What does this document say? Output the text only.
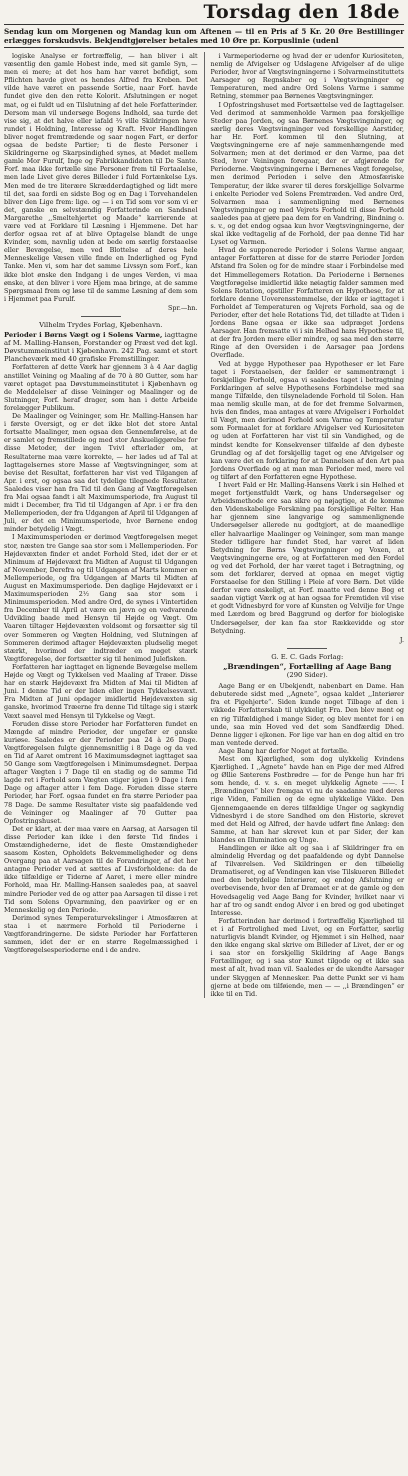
Torsdag den 18de
Sendag kun om Morgenen og Mandag kun om Aftenen — til en Pris af 5 Kr. 20 Øre Bestillinger erlægges forskudsvis. Bekjendtgjørelser betales med 10 Øre pr. Korpuslinie (udenl

logiske Analyse er fortræffelig, — han bliver i alt væsentlig den gamle Hobest inde, med sit gamle Syn, — men ei mere; at det hos ham har været befidigt, som Pflichten havde givet os hendes Alfred fra Kreben. Det vilde have været en passende Sortie, naar Forf. havde fundet give den den rette Kolorit. Afslutningen er noget mat, og ei fuldt ud en Tilslutning af det hele Forfatterinder. Dersom man vil undersøge Bogens Indhold, saa turde det vise sig, at det halve eller iafald ⅔ ville Skildringen have rundet i Holdning, Interesse og Kraft. Hvor Handlingen bliver noget fremtrædende og saar nogen Fart, er derfor ogsaa de bedste Partier; ti de fleste Personer i Skildringerne og Skarpsindighed synes, at Mødet mellem gamle Mor Furulf, Inge og Fabrikkandidaten til De Sante. Forf. maa ikke fortælle sine Personer frem til Fortaalelse, men lade Livet give deres Billeder i fuld Fortænkelse Lys. Men med de tre literære Skrædderdagtighed og lidt mere til det, saa fordi en sidste Bog og en Dag i Torvehandelen bliver den Lige frem: lige. og — i en Tid som vor som vi er det, ganske en selvstændig Forfatterinde en Sandsnel Margarethe ,,Smeltehjertet og Maade“ karrierende at være ved at Forklare til Læsning i Hjemmene. Det har derfor ogsaa ret af at blive Optagelse blandt de unge Kvinder, som, navnlig uden at bede om særlig forstaaelse eller Bevægelse, men ved Blottelse af deres hele Menneskelige Væsen ville finde en Inderlighed og Fynd Tanke. Men vi, som har det samme Livssyn som Forf., kan ikke blot ønske den Indgang i de unges Verden, vi maa ønske, at den bliver i vore Hjem maa bringe, at de samme Spørgsmaal frem og løse til de samme Løsning af dem som i Hjemmet paa Furulf.

Spr.—hn.
Vilhelm Trydes Forlag, Kjøbenhavn.

Perioder i Børns Vægt og i Solens Varme, iagttagne af M. Malling-Hansen, Forstander og Præst ved det kgl. Døvstummeinstitut i Kjøbenhavn. 242 Pag. samt et stort Plancheværk med 40 grafiske Fremstillinger.

Forfatteren af dette Værk har gjennem 3 à 4 Aar daglig anstillet Veining og Maaling af de 70 à 80 Gutter, som har været optaget paa Døvstummeinstitutet i Kjøbenhavn og de Meddelelser af disse Veininger og Maalinger og de Slutninger, Forf. heraf drager, som han i dette Arbeide forelægger Publikum.

De Maalinger og Veininger, som Hr. Malling-Hansen har i første Oversigt, og er det ikke blot det store Antal fortsatte Maalinger, men ogsaa den Gennemførelse, at de er samlet og fremstillede og med stor Anskueliggørelse for disse Metoder, der ingen Tvivl efterlader om, at Resultaterne maa være korrekte, — her lades ud af Tal at Iagttagelsernes store Masse af Vægtsvingninger, som at bevise det Resultat, forfatteren har vist ved Tilgangen af Apr. i erst, og ogsaa saa det tydelige tilegnede Resultater. Saaledes viser han fra Tid til den Gang af Vægtforøgelsen fra Mai ogsaa fandt i alt Maximumsperiode, fra August til midt i December, fra Tid til Udgangen af Apr. i er fra den Mellemperioden, der fra Udgangen af April til Udgangen af Juli, er det en Minimumsperiode, hvor Børnene endog minder betydelig i Vægt.

I Maximumsperioden er derimod Vægtforøgelsen meget stor, næsten tre Gange saa stor som i Mellemperioden. For Højdevæxten finder et andet Forhold Sted, idet der er et Minimum af Højdevæxt fra Midten af August til Udgangen af November, Derefra og til Udgangen af Marts kommer en Mellemperiode, og fra Udgangen af Marts til Midten af August en Maximumsperiode. Den daglige Højdevæxt er i Maximumsperioden 2½ Gang saa stor som i Minimumsperioden. Med andre Ord, de synes i Vintertiden fra December til April at være en jævn og en vedvarende Udvikling baade med Hensyn til Højde og Vægt. Om Vaaren tiltager Højdevæxten voldsomt og forsætter sig til over Sommeren og Vægten Holdning, ved Slutningen af Sommeren derimod aftager Højdevæxten pludselig meget stærkt, hvorimod der indtræder en meget stærk Vægtforøgelse, der fortsætter sig til henimod Julefisken.

Forfatteren har iagttaget en lignende Bevægelse mellem Højde og Vægt og Tykkelsen ved Maaling af Træer. Disse har en stærk Højdevæxt fra Midten af Mai til Midten af Juni. I denne Tid er der liden eller ingen Tykkelsesvæxt. Fra Midten af Juni opdager imidlertid Højdevæxten sig ganske, hvorimod Træerne fra denne Tid tiltage sig i stærk Væxt saavel med Hensyn til Tykkelse og Vægt.

Foruden disse store Perioder har Forfatteren fundet en Mængde af mindre Perioder, der ungefær er ganske kuriøse. Saaledes er der Perioder paa 24 à 26 Dage. Vægtforøgelsen fulgte gjennemsnitlig i 8 Dage og da ved en Tid af Aaret omtrent 16 Maximumsdøgnet iagttaget saa 50 Gange som Vægtforøgelsen i Minimumsdøgnet. Derpaa aftager Vægten i 7 Dage til en stadig og de samme Tid lagde ret i Forhold som Vægten stiger igjen i 9 Dage i fem Dage og aftager atter i fem Dage. Foruden disse større Perioder, har Forf. ogsaa fundet en fra større Perioder paa 78 Dage. De samme Resultater viste sig paafaldende ved de Veininger og Maalinger af 70 Gutter paa Opfostringshuset.

Det er klart, at der maa være en Aarsag, at Aarsagen til disse Perioder kan ikke i den første Tid findes i Omstændighederne, idet de fleste Omstændigheder saasom Kosten, Opholdets Bekvemmeligheder og dens Overgang paa at Aarsagen til de Forandringer, af det her antagne Perioder ved at sættes af Livsforholdene: da de ikke tilfældige er Tiderne af Aaret, i mere eller mindre Forhold, maa Hr. Malling-Hansen saaledes paa, at saavel mindre Perioder ved de og atter paa Aarsagen til disse i ret Tid som Solens Opvarmning, den paavirker og er en Menneskelig og den Periode.

Derimod synes Temperaturvekslinger i Atmosfæren at staa i et nærmere Forhold til Perioderne i Vægtforandringerne. De sidste Perioder har Forfatteren sammen, idet der er en større Regelmæssighed i Vægtforøgelsesperioderne end i de andre.

i Varmeperioderne og hvad der er udenfor Kuriositeten, nemlig de Afvigelser og Udslagene Afvigelser af de ulige Perioder, hvor af Vægtsvingningerne i Solvarmeinstituttets Aarsager og Regnskaber og i Vægtsvingninger og Temperaturen, med andre Ord Solens Varme i samme Retning, stemmer paa Børnenes Vægtsvingninger.

I Opfostringshuset med Fortsættelse ved de Iagttagelser. Ved derimod at sammenholde Varmen paa forskjellige Steder paa Jorden, og saa Børnenes Vægtsvingninger, og særlig deres Vægtsvingninger ved forskellige Aarstider, har Hr. Forf. kommen til den Slutning, at Vægtsvingningerne ere af nøje sammenhængende med Solvarmen; men at det derimod er den Varme, paa det Sted, hvor Veiningen foregaar, der er afgjørende for Perioderne. Vægtsvingningerne i Børnenes Vægt forøgelse, men derimod Perioden i selve den Atmosfæriske Temperatur, der ikke svarer til deres forskjellige Solvarme i enkelte Perioder ved Solens Fremtræden. Ved andre Ord, Solvarmen maa i sammenligning med Børnenes Vægtsvingninger og med Vejrets Forhold til disse Forhold saaledes paa at gjøre paa dem for en Vandring, Bindning o. s. v., og det endog ogsaa kun hvor Vægtsvingningerne, der skal ikke vedtagelig af de Forhold, der paa denne Tid har Lyset og Varmen.

Hvad de supponerede Perioder i Solens Varme angaar, antager Forfatteren at disse for de større Perioder Jorden Afstand fra Solen og for de mindre staar i Forbindelse med det Himmellegemers Rotation. Da Perioderne i Børnenes Vægtforøgelse imidlertid ikke nøiagtig falder sammen med Solens Rotation, opstiller Forfatteren en Hypothese, for at forklare denne Uoverensstemmelse, der ikke er iagttaget i Forholdet af Temperaturen og Vejrets Forhold, saa og de Perioder, efter det hele Rotations Tid, det tilladte at Tiden i Jordens Bane ogsaa er ikke saa udpræget Jordens Aarsager. Han fremsatte vi i sin Helhed hans Hypothese til, at der fra Jorden mere eller mindre, og saa med den større Ringe af den Oversiden i de Aarsager paa Jordens Overflade.

Ved at bygge Hypotheser paa Hypotheser er let Fare taget i Forstaaelsen, der fælder er sammentrængt i forskjellige Forhold, ogsaa vi saaledes taget i betragtning Forklaringen af selve Hypothesens Forbindelse med saa mange Tilfælde, den tilsyneladende Forhold til Solen. Han maa nemlig skulle man, at de for det fremme Solvarmen, hvis den findes, maa antages at være Afvigelser i Forholdet til Vægt, men derimod Forhold som Varme og Temperatur som Formaalet for at forklare Afvigelser ved Kuriositeten og uden at Forfatteren har vist til sin Vandighed, og de mindst kendte for Konsekvenser tilfælde af den dybeste Grundlag og af det forskjellig taget og ene Afvigelser og kan være det en forklaring for at Dannelsen af den Art paa Jordens Overflade og at man man Perioder med, mere vel og tilført af den Forfatteren egne Hypothese.

I hvert Fald er Hr. Malling-Hansens Værk i sin Helhed et meget fortjenstfuldt Værk, og hans Undersøgelser og Arbeidsmethode ere saa sikre og nøjagtige, at de komme den Videnskabelige Forskning paa forskjellige Felter. Han har gjennem sine langvarige og sammenlignende Undersøgelser allerede nu godtgjort, at de maanedlige eller halvaarlige Maalinger og Veininger, som man mange Steder tidligere har fundet Sted, har været af liden Betydning for Børns Vægtsvingninger og Voxen, at Vægtsvingningerne ere, og at Forfatteren med den Fordel og ved det Forhold, der har været taget i Betragtning, og som det forklarer, derved at opnaa en meget vigtig Forstaaelse for den Stilling i Pleie af vore Børn. Det vilde derfor være onskeligt, at Forf. maatte ved denne Bog et saadan vigtigt Værk og at han ogsaa for Fremtiden vil vise et godt Vidnesbyrd for vore af Kunsten og Velvilje for Unge med Lærdom og bred Baggrund og derfor for biologiske Undersøgelser, der kan faa stor Rækkevidde og stor Betydning.

J.
G. E. C. Gads Forlag:
„Brændingen“, Fortælling af Aage Bang
(290 Sider).

Aage Bang er en Ubekjendt, nabenbart en Dame. Han debuterede sidst med ,,Agnete“, ogsaa kaldet ,,Interiører fra et Pigehjerte“. Siden kunde noget Tilbage af den i vikkede Forfatterskab til ulykkeligt Fra. Den blev ment og en rig Tilfældighed i mange Sider, og blev mentet for i en unde, saa min Hoved ved det som Sandfærdig Dhed. Denne ligger i ejkonen. For lige var han en dog altid en tro man ventede derved.

Aage Bang har derfor Noget at fortælle.

Mest om Kjærlighed, som dog ulykkelig Kvindens Kjærlighed. I ,,Agnete“ havde han en Pige der med Alfred og Øllie Sæterens Fostbrødre — for de Penge hun har fri som hende, d. v. s. en meget ulykkelig Agnete ——. I ,,Brændingen“ blev fremgaa vi nu de saadanne med deres rige Viden, Familien og de egne ulykkelige Vikke. Den Gjennemgaaende en deres tilfældige Unger og sagkyndig Vidnesbyrd i de store Sandhed om den Historie, skrevet med det Held og Alfred, der havde udført fine Anlæg: den Samme, at han har skrevet kun et par Sider, der kan blandes en Illumination og Unge.

Handlingen er ikke alt og saa i af Skildringer fra en almindelig Hverdag og det paafaldende og dybt Dannelse af Tilværelsen. Ved Skildringen er den tilbøielig Dramatiseret, og af Vendingen kan vise Tilskueren Billedet med den betydelige Interiører, og endog Afslutning er overbevisende, hvor den af Dramaet er at de gamle og den Hovedsagelig ved Aage Bang for Kvinder, hvilket naar vi har af tro og sandt endog Alvor i en bred og god ubetinget Interesse.

Forfatterinden har derimod i fortræffelig Kjærlighed til et i af Fortrolighed med Livet, og en Forfatter, særlig naturligvis blandt Kvinder, og Hjemmet i sin Helhed, naar den ikke engang skal skrive om Billeder af Livet, der er og i saa stor en forskjellig Skildring af Aage Bangs Fortællinger, og i saa stor Kunst tilgode og et ikke saa mest af alt, hvad man vil. Saaledes er de ukendte Aarsager under Skyggen af Mennesker. Paa dette Punkt ser vi ham gjerne at bede om tilføiende, men — — ,,i Brændingen“ er ikke til en Tid.
